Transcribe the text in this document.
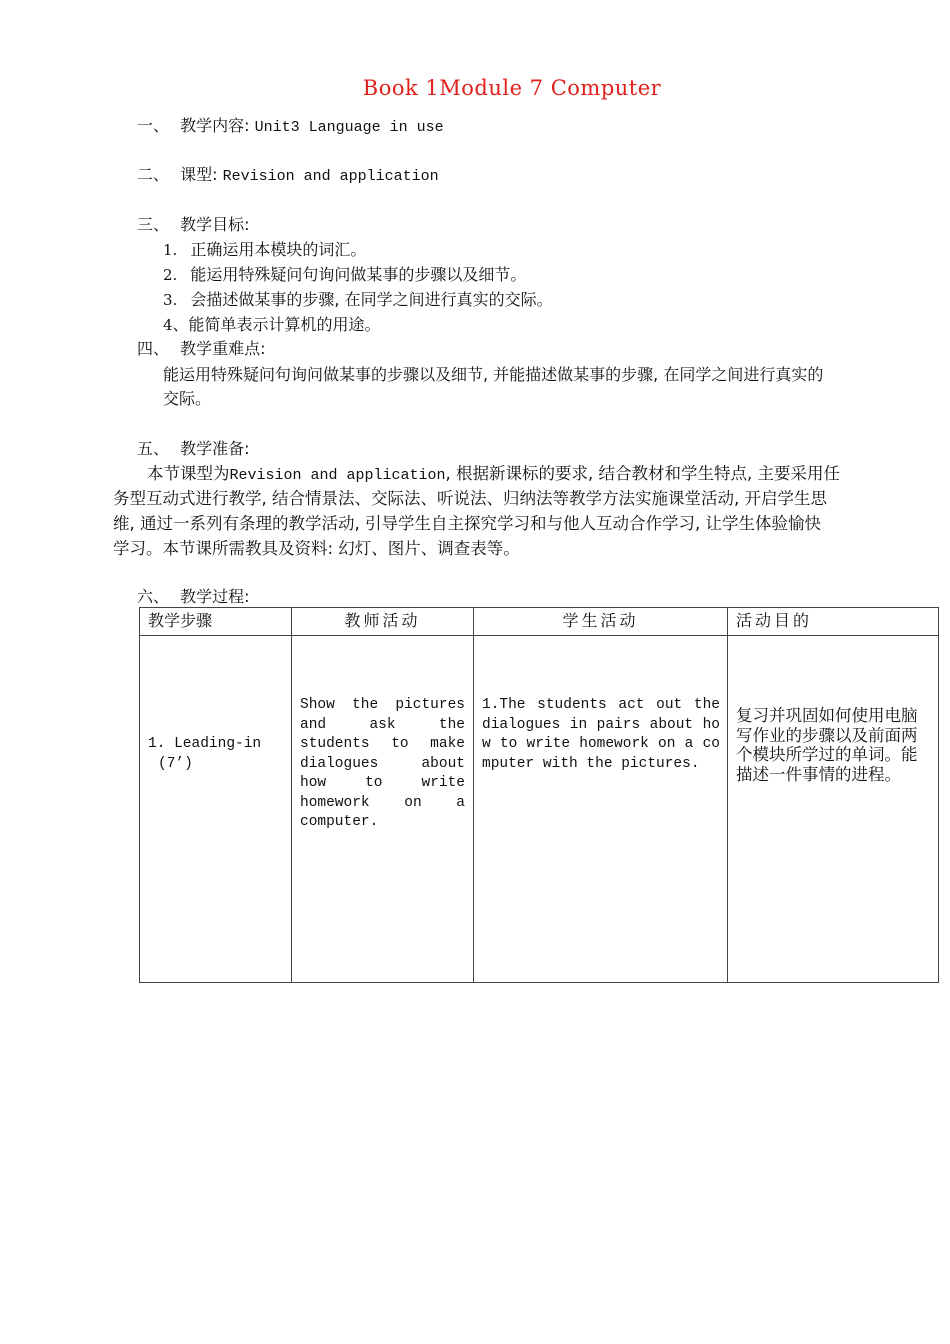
Book 1Module 7 Computer
一、 教学内容: Unit3 Language in use
二、 课型: Revision and application
三、 教学目标:
1. 正确运用本模块的词汇。
2. 能运用特殊疑问句询问做某事的步骤以及细节。
3. 会描述做某事的步骤, 在同学之间进行真实的交际。
4、能简单表示计算机的用途。
四、 教学重难点:
能运用特殊疑问句询问做某事的步骤以及细节, 并能描述做某事的步骤, 在同学之间进行真实的
交际。
五、 教学准备:
本节课型为Revision and application, 根据新课标的要求, 结合教材和学生特点, 主要采用任
务型互动式进行教学, 结合情景法、交际法、听说法、归纳法等教学方法实施课堂活动, 开启学生思
维, 通过一系列有条理的教学活动, 引导学生自主探究学习和与他人互动合作学习, 让学生体验愉快
学习。本节课所需教具及资料: 幻灯、图片、调查表等。
六、 教学过程:
教学步骤	教师活动	学生活动	活动目的

1. Leading-in
(7’)	Show the pictures and ask the students to make dialogues about how to write homework on a computer.	1.The students act out the dialogues in pairs about how to write homework on a computer with the pictures.	复习并巩固如何使用电脑写作业的步骤以及前面两个模块所学过的单词。能描述一件事情的进程。
